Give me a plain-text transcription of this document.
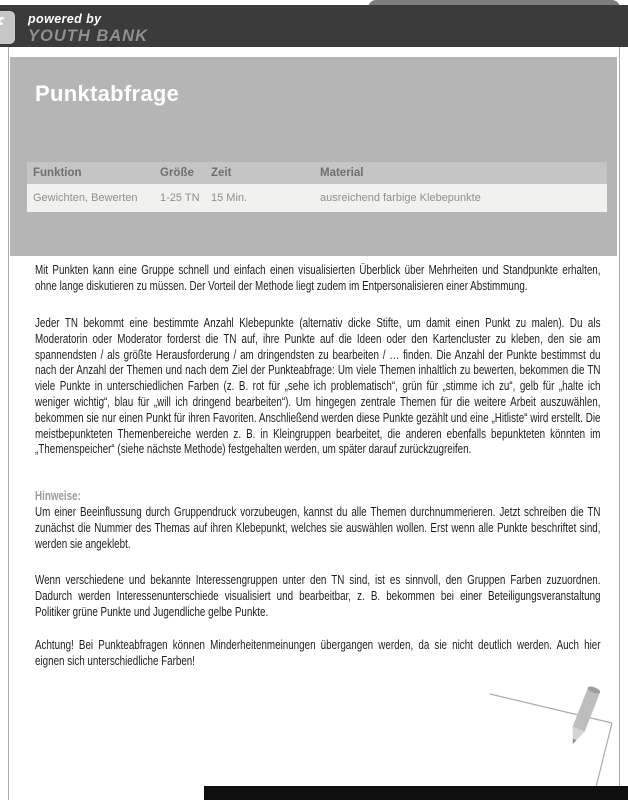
powered by
YOUTH BANK
Punktabfrage
Funktion	Größe	Zeit	Material
Gewichten, Bewerten	1-25 TN	15 Min.	ausreichend farbige Klebepunkte
Mit Punkten kann eine Gruppe schnell und einfach einen visualisierten Überblick über Mehrheiten und Standpunkte erhalten, ohne lange diskutieren zu müssen. Der Vorteil der Methode liegt zudem im Entpersonalisieren einer Abstimmung.
Jeder TN bekommt eine bestimmte Anzahl Klebepunkte (alternativ dicke Stifte, um damit einen Punkt zu malen). Du als Moderatorin oder Moderator forderst die TN auf, ihre Punkte auf die Ideen oder den Kartencluster zu kleben, den sie am spannendsten / als größte Herausforderung / am dringendsten zu bearbeiten / … finden. Die Anzahl der Punkte bestimmst du nach der Anzahl der Themen und nach dem Ziel der Punkteabfrage: Um viele Themen inhaltlich zu bewerten, bekommen die TN viele Punkte in unterschiedlichen Farben (z. B. rot für „sehe ich problematisch“, grün für „stimme ich zu“, gelb für „halte ich weniger wichtig“, blau für „will ich dringend bearbeiten“). Um hingegen zentrale Themen für die weitere Arbeit auszuwählen, bekommen sie nur einen Punkt für ihren Favoriten. Anschließend werden diese Punkte gezählt und eine „Hitliste“ wird erstellt. Die meistbepunkteten Themenbereiche werden z. B. in Kleingruppen bearbeitet, die anderen ebenfalls bepunkteten könnten im „Themenspeicher“ (siehe nächste Methode) festgehalten werden, um später darauf zurückzugreifen.
Hinweise:
Um einer Beeinflussung durch Gruppendruck vorzubeugen, kannst du alle Themen durchnummerieren. Jetzt schreiben die TN zunächst die Nummer des Themas auf ihren Klebepunkt, welches sie auswählen wollen. Erst wenn alle Punkte beschriftet sind, werden sie angeklebt.
Wenn verschiedene und bekannte Interessengruppen unter den TN sind, ist es sinnvoll, den Gruppen Farben zuzuordnen. Dadurch werden Interessenunterschiede visualisiert und bearbeitbar, z. B. bekommen bei einer Beteiligungsveranstaltung Politiker grüne Punkte und Jugendliche gelbe Punkte.
Achtung! Bei Punkteabfragen können Minderheitenmeinungen übergangen werden, da sie nicht deutlich werden. Auch hier eignen sich unterschiedliche Farben!
